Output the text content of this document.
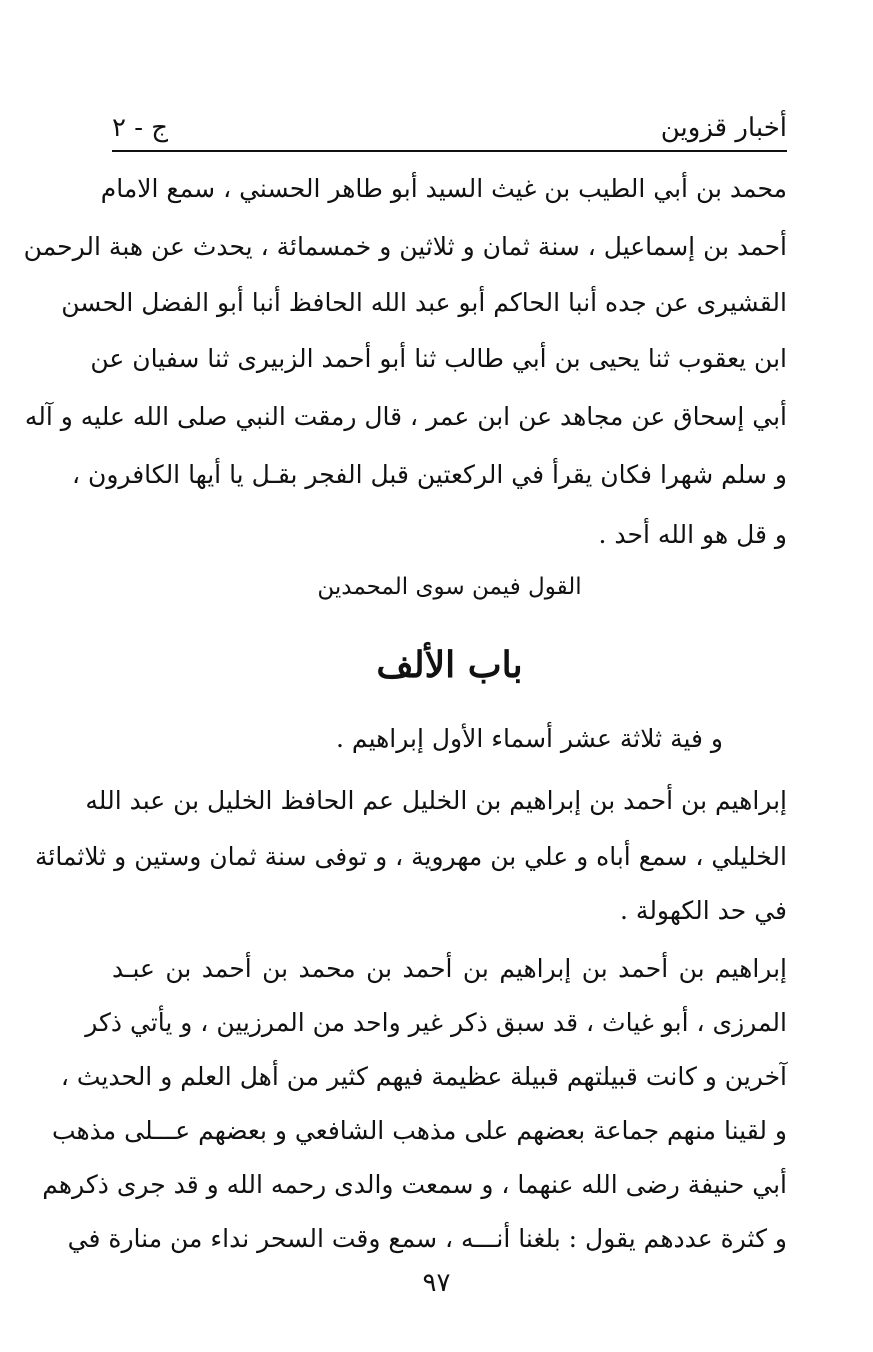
أخبار قزوين
ج - ٢
محمد بن أبي الطيب بن غيث السيد أبو طاهر الحسني ، سمع الامام
أحمد بن إسماعيل ، سنة ثمان و ثلاثين و خمسمائة ، يحدث عن هبة الرحمن
القشيرى عن جده أنبا الحاكم أبو عبد الله الحافظ أنبا أبو الفضل الحسن
ابن يعقوب ثنا يحيى بن أبي طالب ثنا أبو أحمد الزبيرى ثنا سفيان عن
أبي إسحاق عن مجاهد عن ابن عمر ، قال رمقت النبي صلى الله عليه و آله
و سلم شهرا فكان يقرأ في الركعتين قبل الفجر بقـل يا أيها الكافرون ،
و قل هو الله أحد .
القول فيمن سوى المحمدين
باب الألف
و فية ثلاثة عشر أسماء الأول إبراهيم .
إبراهيم بن أحمد بن إبراهيم بن الخليل عم الحافظ الخليل بن عبد الله
الخليلي ، سمع أباه و علي بن مهروية ، و توفى سنة ثمان وستين و ثلاثمائة
في حد الكهولة .
إبراهيم بن أحمد بن إبراهيم بن أحمد بن محمد بن أحمد بن عبـد
المرزى ، أبو غياث ، قد سبق ذكر غير واحد من المرزيين ، و يأتي ذكر
آخرين و كانت قبيلتهم قبيلة عظيمة فيهم كثير من أهل العلم و الحديث ،
و لقينا منهم جماعة بعضهم على مذهب الشافعي و بعضهم عـــلى مذهب
أبي حنيفة رضى الله عنهما ، و سمعت والدى رحمه الله و قد جرى ذكرهم
و كثرة عددهم يقول : بلغنا أنـــه ، سمع وقت السحر نداء من منارة في
٩٧
